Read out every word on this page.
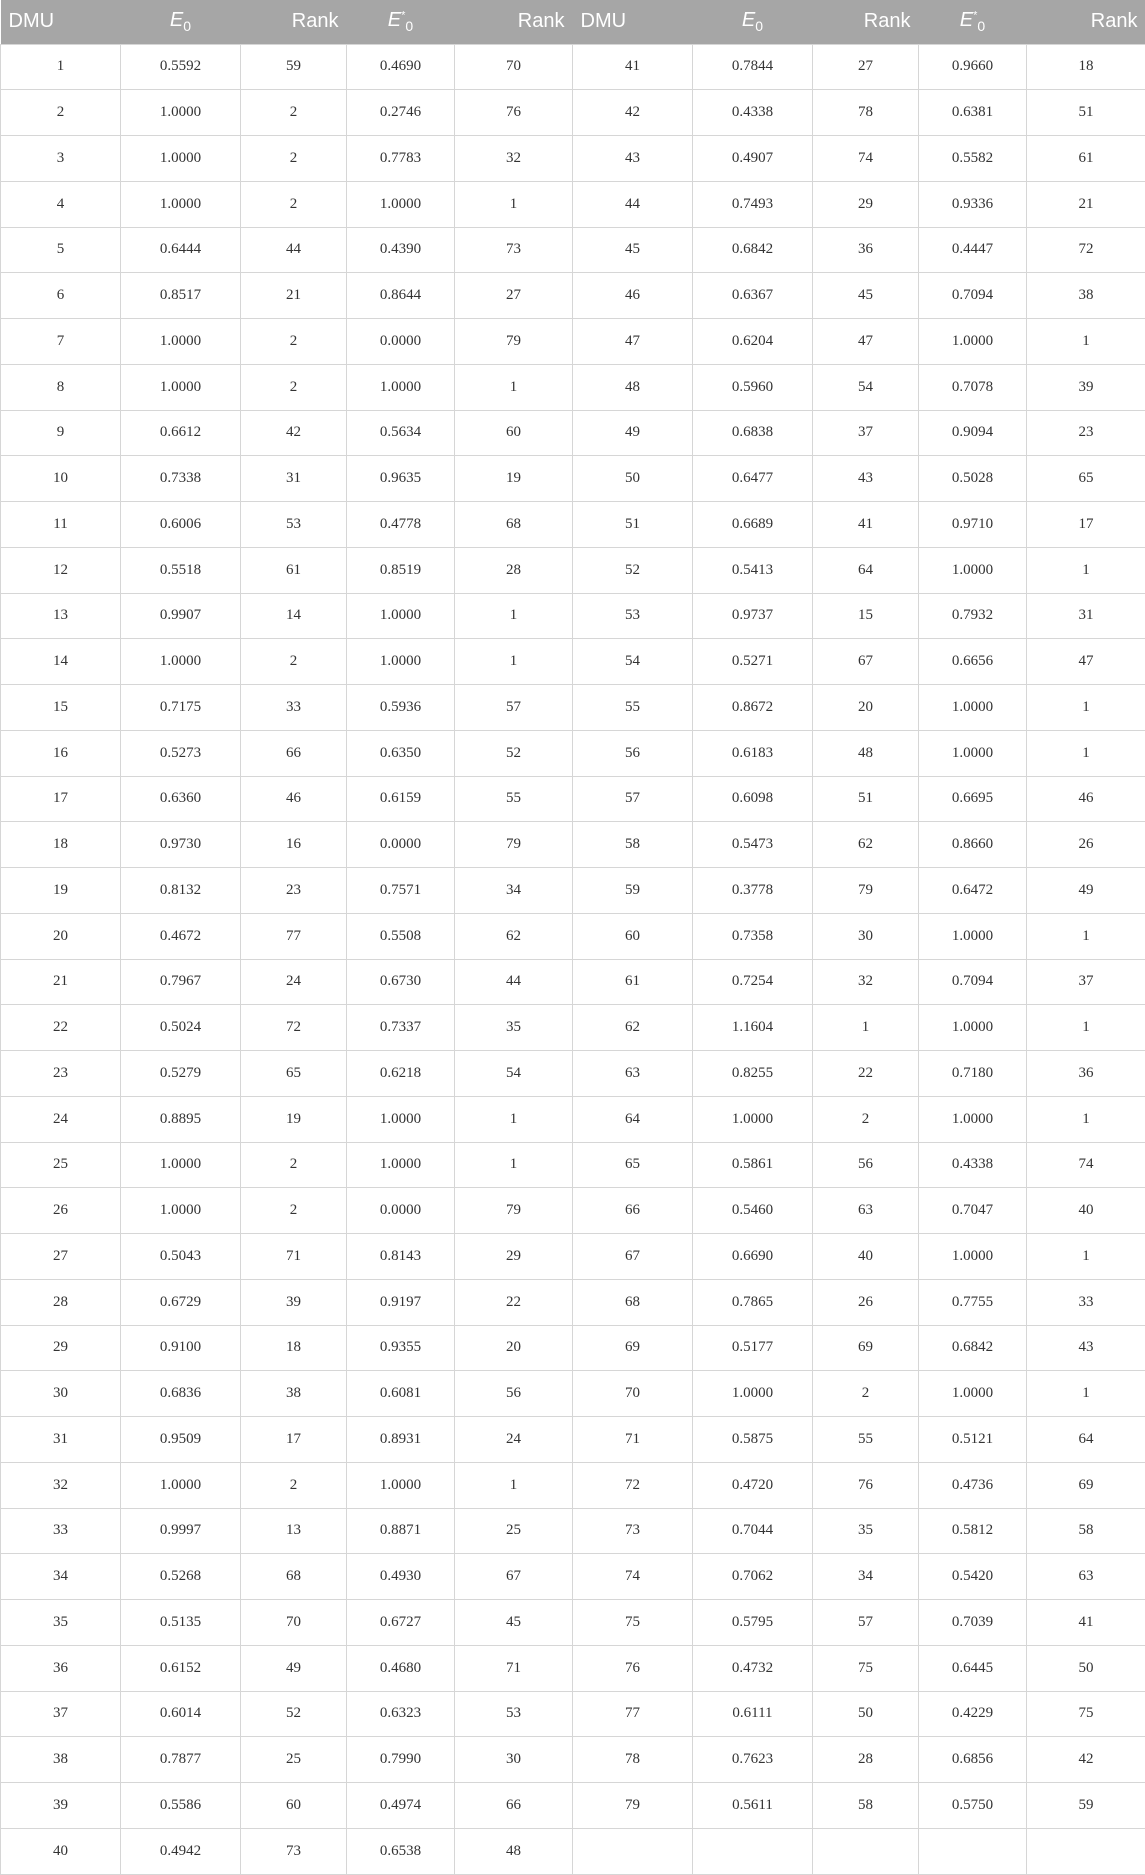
DMU	$E_0$	Rank	$E^*_0$	Rank	DMU	$E_0$	Rank	$E^*_0$	Rank
1	0.5592	59	0.4690	70	41	0.7844	27	0.9660	18
2	1.0000	2	0.2746	76	42	0.4338	78	0.6381	51
3	1.0000	2	0.7783	32	43	0.4907	74	0.5582	61
4	1.0000	2	1.0000	1	44	0.7493	29	0.9336	21
5	0.6444	44	0.4390	73	45	0.6842	36	0.4447	72
6	0.8517	21	0.8644	27	46	0.6367	45	0.7094	38
7	1.0000	2	0.0000	79	47	0.6204	47	1.0000	1
8	1.0000	2	1.0000	1	48	0.5960	54	0.7078	39
9	0.6612	42	0.5634	60	49	0.6838	37	0.9094	23
10	0.7338	31	0.9635	19	50	0.6477	43	0.5028	65
11	0.6006	53	0.4778	68	51	0.6689	41	0.9710	17
12	0.5518	61	0.8519	28	52	0.5413	64	1.0000	1
13	0.9907	14	1.0000	1	53	0.9737	15	0.7932	31
14	1.0000	2	1.0000	1	54	0.5271	67	0.6656	47
15	0.7175	33	0.5936	57	55	0.8672	20	1.0000	1
16	0.5273	66	0.6350	52	56	0.6183	48	1.0000	1
17	0.6360	46	0.6159	55	57	0.6098	51	0.6695	46
18	0.9730	16	0.0000	79	58	0.5473	62	0.8660	26
19	0.8132	23	0.7571	34	59	0.3778	79	0.6472	49
20	0.4672	77	0.5508	62	60	0.7358	30	1.0000	1
21	0.7967	24	0.6730	44	61	0.7254	32	0.7094	37
22	0.5024	72	0.7337	35	62	1.1604	1	1.0000	1
23	0.5279	65	0.6218	54	63	0.8255	22	0.7180	36
24	0.8895	19	1.0000	1	64	1.0000	2	1.0000	1
25	1.0000	2	1.0000	1	65	0.5861	56	0.4338	74
26	1.0000	2	0.0000	79	66	0.5460	63	0.7047	40
27	0.5043	71	0.8143	29	67	0.6690	40	1.0000	1
28	0.6729	39	0.9197	22	68	0.7865	26	0.7755	33
29	0.9100	18	0.9355	20	69	0.5177	69	0.6842	43
30	0.6836	38	0.6081	56	70	1.0000	2	1.0000	1
31	0.9509	17	0.8931	24	71	0.5875	55	0.5121	64
32	1.0000	2	1.0000	1	72	0.4720	76	0.4736	69
33	0.9997	13	0.8871	25	73	0.7044	35	0.5812	58
34	0.5268	68	0.4930	67	74	0.7062	34	0.5420	63
35	0.5135	70	0.6727	45	75	0.5795	57	0.7039	41
36	0.6152	49	0.4680	71	76	0.4732	75	0.6445	50
37	0.6014	52	0.6323	53	77	0.6111	50	0.4229	75
38	0.7877	25	0.7990	30	78	0.7623	28	0.6856	42
39	0.5586	60	0.4974	66	79	0.5611	58	0.5750	59
40	0.4942	73	0.6538	48					
